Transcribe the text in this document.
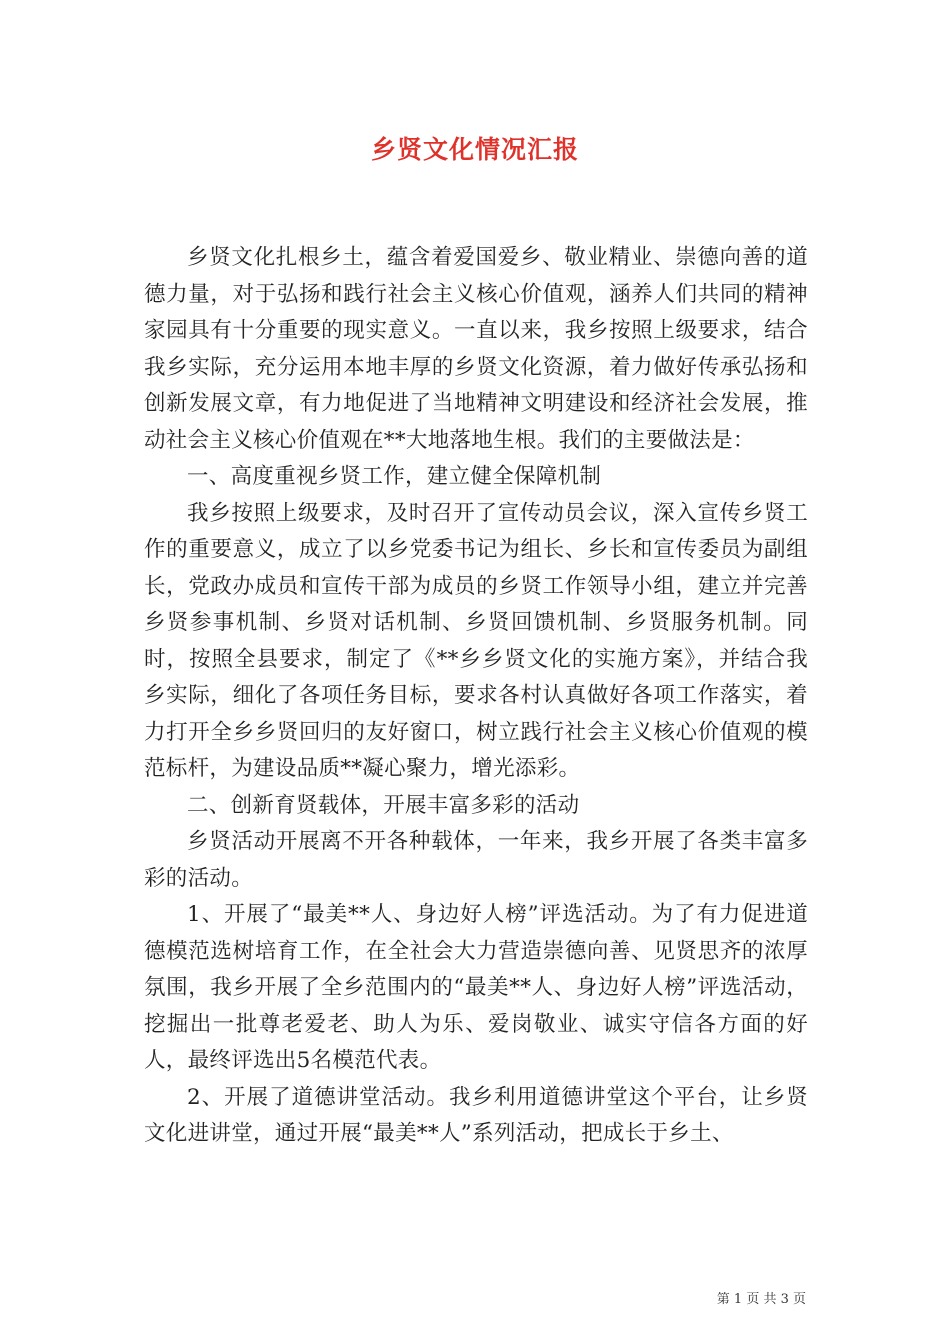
乡贤文化情况汇报

乡贤文化扎根乡土，蕴含着爱国爱乡、敬业精业、崇德向善的道德力量，对于弘扬和践行社会主义核心价值观，涵养人们共同的精神家园具有十分重要的现实意义。一直以来，我乡按照上级要求，结合我乡实际，充分运用本地丰厚的乡贤文化资源，着力做好传承弘扬和创新发展文章，有力地促进了当地精神文明建设和经济社会发展，推动社会主义核心价值观在**大地落地生根。我们的主要做法是：

一、高度重视乡贤工作，建立健全保障机制

我乡按照上级要求，及时召开了宣传动员会议，深入宣传乡贤工作的重要意义，成立了以乡党委书记为组长、乡长和宣传委员为副组长，党政办成员和宣传干部为成员的乡贤工作领导小组，建立并完善乡贤参事机制、乡贤对话机制、乡贤回馈机制、乡贤服务机制。同时，按照全县要求，制定了《**乡乡贤文化的实施方案》，并结合我乡实际，细化了各项任务目标，要求各村认真做好各项工作落实，着力打开全乡乡贤回归的友好窗口，树立践行社会主义核心价值观的模范标杆，为建设品质**凝心聚力，增光添彩。

二、创新育贤载体，开展丰富多彩的活动

乡贤活动开展离不开各种载体，一年来，我乡开展了各类丰富多彩的活动。

1、开展了“最美**人、身边好人榜”评选活动。为了有力促进道德模范选树培育工作，在全社会大力营造崇德向善、见贤思齐的浓厚氛围，我乡开展了全乡范围内的“最美**人、身边好人榜”评选活动，挖掘出一批尊老爱老、助人为乐、爱岗敬业、诚实守信各方面的好人，最终评选出5名模范代表。

2、开展了道德讲堂活动。我乡利用道德讲堂这个平台，让乡贤文化进讲堂，通过开展“最美**人”系列活动，把成长于乡土、

第 1 页 共 3 页
